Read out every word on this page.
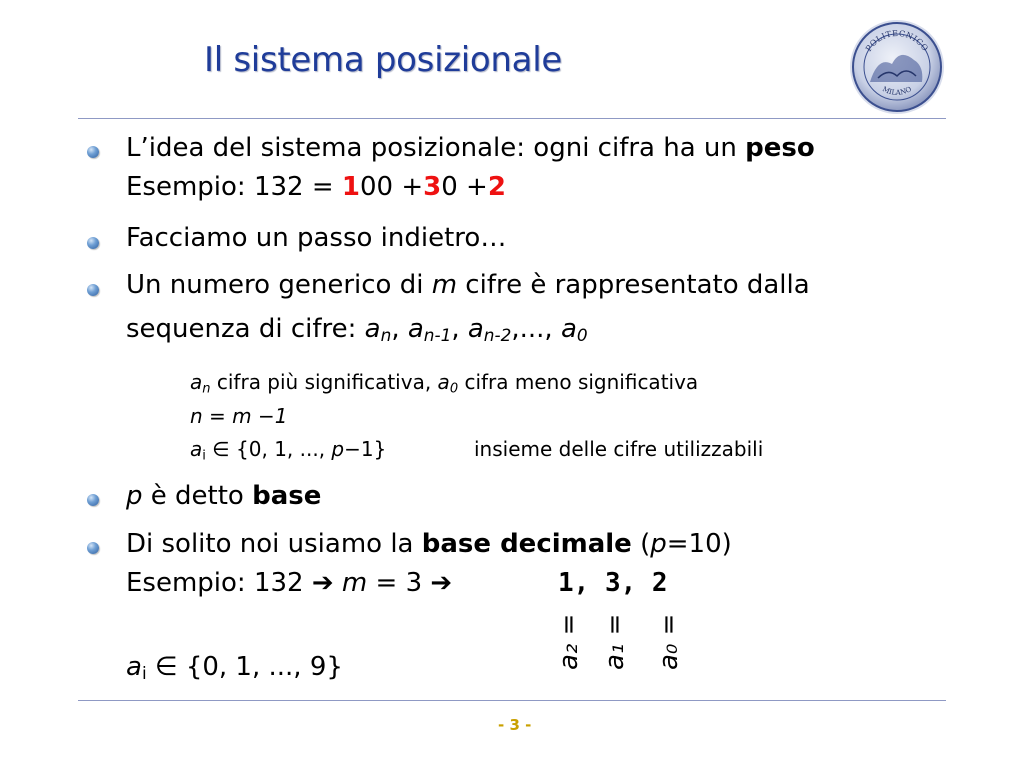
Il sistema posizionale	POLITECNICO
MILANO
L’idea del sistema posizionale: ogni cifra ha un peso
Esempio: 132 = 100 +30 +2
Facciamo un passo indietro…
Un numero generico di m cifre è rappresentato dalla
sequenza di cifre: $a_n$, $a_{n-1}$, $a_{n-2}$,..., $a_0$
$a_n$ cifra più significativa, $a_0$ cifra meno significativa
n = m −1
$a_i$ ∈ {0, 1, ..., p−1}	insieme delle cifre utilizzabili
p è detto base
Di solito noi usiamo la base decimale (p=10)
Esempio: 132 ➔ m = 3 ➔	1, 3, 2
a₂ = a₁ = a₀ =
$a_i$ ∈ {0, 1, ..., 9}
- 3 -
